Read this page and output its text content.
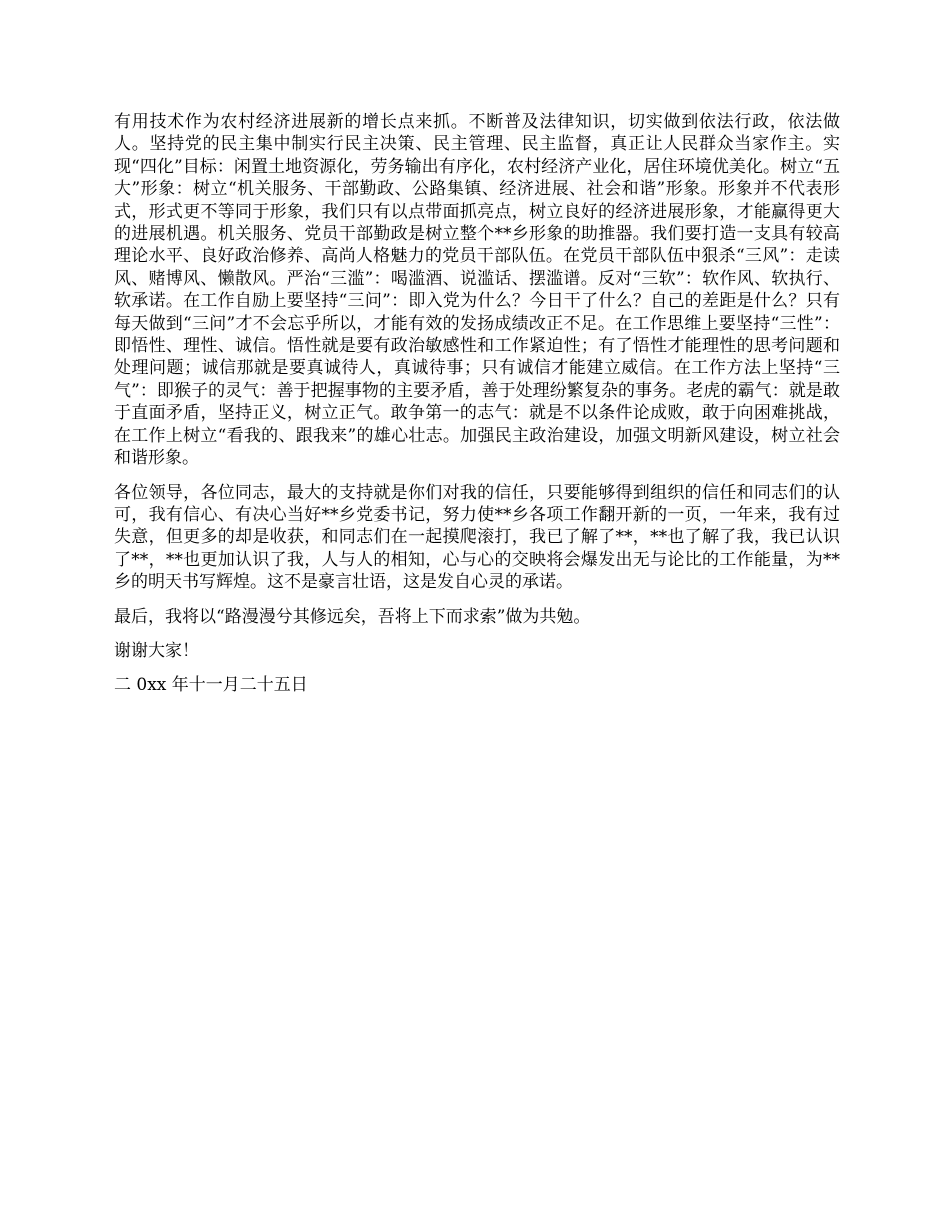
有用技术作为农村经济进展新的增长点来抓。不断普及法律知识，切实做到依法行政，依法做人。坚持党的民主集中制实行民主决策、民主管理、民主监督，真正让人民群众当家作主。实现“四化”目标：闲置土地资源化，劳务输出有序化，农村经济产业化，居住环境优美化。树立“五大”形象：树立“机关服务、干部勤政、公路集镇、经济进展、社会和谐”形象。形象并不代表形式，形式更不等同于形象，我们只有以点带面抓亮点，树立良好的经济进展形象，才能赢得更大的进展机遇。机关服务、党员干部勤政是树立整个**乡形象的助推器。我们要打造一支具有较高理论水平、良好政治修养、高尚人格魅力的党员干部队伍。在党员干部队伍中狠杀“三风”：走读风、赌博风、懒散风。严治“三滥”：喝滥酒、说滥话、摆滥谱。反对“三软”：软作风、软执行、软承诺。在工作自励上要坚持“三问”：即入党为什么？今日干了什么？自己的差距是什么？只有每天做到“三问”才不会忘乎所以，才能有效的发扬成绩改正不足。在工作思维上要坚持“三性”：即悟性、理性、诚信。悟性就是要有政治敏感性和工作紧迫性；有了悟性才能理性的思考问题和处理问题；诚信那就是要真诚待人，真诚待事；只有诚信才能建立威信。在工作方法上坚持“三气”：即猴子的灵气：善于把握事物的主要矛盾，善于处理纷繁复杂的事务。老虎的霸气：就是敢于直面矛盾，坚持正义，树立正气。敢争第一的志气：就是不以条件论成败，敢于向困难挑战，在工作上树立“看我的、跟我来”的雄心壮志。加强民主政治建设，加强文明新风建设，树立社会和谐形象。

各位领导，各位同志，最大的支持就是你们对我的信任，只要能够得到组织的信任和同志们的认可，我有信心、有决心当好**乡党委书记，努力使**乡各项工作翻开新的一页，一年来，我有过失意，但更多的却是收获，和同志们在一起摸爬滚打，我已了解了**，**也了解了我，我已认识了**，**也更加认识了我，人与人的相知，心与心的交映将会爆发出无与论比的工作能量，为**乡的明天书写辉煌。这不是豪言壮语，这是发自心灵的承诺。

最后，我将以“路漫漫兮其修远矣，吾将上下而求索”做为共勉。

谢谢大家！

二 0xx 年十一月二十五日
